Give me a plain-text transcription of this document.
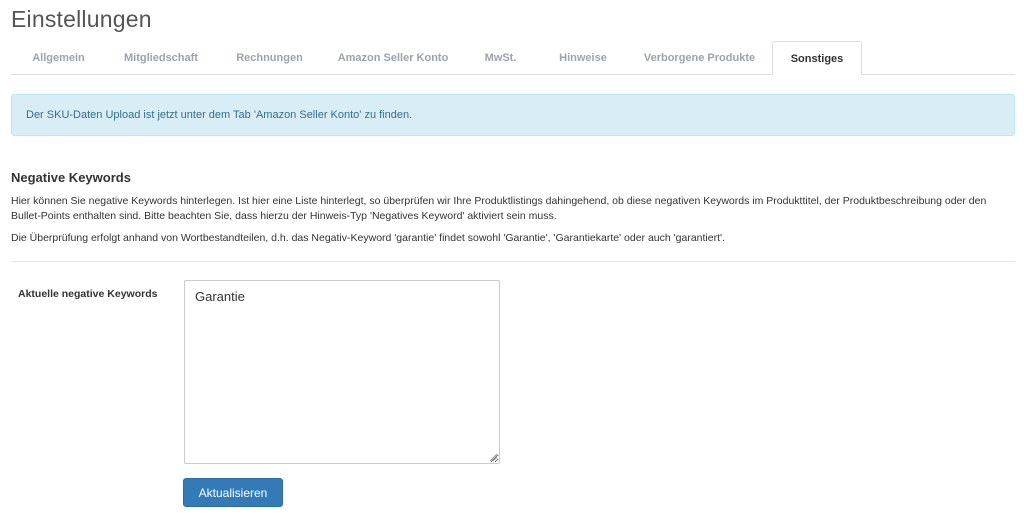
Einstellungen
Allgemein	Mitgliedschaft	Rechnungen	Amazon Seller Konto	MwSt.	Hinweise	Verborgene Produkte	Sonstiges
Der SKU-Daten Upload ist jetzt unter dem Tab 'Amazon Seller Konto' zu finden.
Negative Keywords
Hier können Sie negative Keywords hinterlegen. Ist hier eine Liste hinterlegt, so überprüfen wir Ihre Produktlistings dahingehend, ob diese negativen Keywords im Produkttitel, der Produktbeschreibung oder den
Bullet-Points enthalten sind. Bitte beachten Sie, dass hierzu der Hinweis-Typ 'Negatives Keyword' aktiviert sein muss.
Die Überprüfung erfolgt anhand von Wortbestandteilen, d.h. das Negativ-Keyword 'garantie' findet sowohl 'Garantie', 'Garantiekarte' oder auch 'garantiert'.
Aktuelle negative Keywords
Garantie
Aktualisieren
